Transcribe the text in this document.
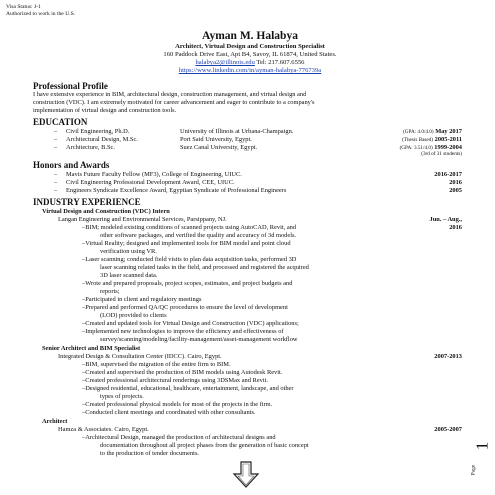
Visa Status: J-1
Authorized to work in the U.S.
Ayman M. Halabya
Architect, Virtual Design and Construction Specialist
160 Paddock Drive East, Apt B4, Savoy, IL 61874, United States.
halabya2@illinois.edu Tel: 217.607.6556
https://www.linkedin.com/in/ayman-halabya-776739a
Professional Profile
I have extensive experience in BIM, architectural design, construction management, and virtual design and
construction (VDC). I am extremely motivated for career advancement and eager to contribute to a company's
implementation of virtual design and construction tools.
EDUCATION
– Civil Engineering, Ph.D.	University of Illinois at Urbana-Champaign.	(GPA: 4.0/4.0) May 2017
– Architectural Design, M.Sc.	Port Said University, Egypt.	(Thesis Based) 2005-2011
– Architecture, B.Sc.	Suez Canal University, Egypt.	(GPA: 3.51/4.0) 1999-2004
(3rd of 31 students)
Honors and Awards
– Mavis Future Faculty Fellow (MF3), College of Engineering, UIUC.	2016-2017
– Civil Engineering Professional Development Award, CEE, UIUC.	2016
– Engineers Syndicate Excellence Award, Egyptian Syndicate of Professional Engineers	2005
INDUSTRY EXPERIENCE
Virtual Design and Construction (VDC) Intern
Langan Engineering and Environmental Services, Parsippany, NJ.	Jun. – Aug.,
2016
–BIM; modeled existing conditions of scanned projects using AutoCAD, Revit, and
other software packages, and verified the quality and accuracy of 3d models.
–Virtual Reality; designed and implemented tools for BIM model and point cloud
verification using VR.
–Laser scanning; conducted field visits to plan data acquisition tasks, performed 3D
laser scanning related tasks in the field, and processed and registered the acquired
3D laser scanned data.
–Wrote and prepared proposals, project scopes, estimates, and project budgets and
reports;
–Participated in client and regulatory meetings
–Prepared and performed QA/QC procedures to ensure the level of development
(LOD) provided to clients
–Created and updated tools for Virtual Design and Construction (VDC) applications;
–Implemented new technologies to improve the efficiency and effectiveness of
survey/scanning/modeling/facility-management/asset-management workflow
Senior Architect and BIM Specialist
Integrated Design & Consultation Center (IDCC). Cairo, Egypt.	2007-2013
–BIM, supervised the migration of the entire firm to BIM.
–Created and supervised the production of BIM models using Autodesk Revit.
–Created professional architectural renderings using 3DSMax and Revit.
–Designed residential, educational, healthcare, entertainment, landscape, and other
types of projects.
–Created professional physical models for most of the projects in the firm.
–Conducted client meetings and coordinated with other consultants.
Architect
Hamza & Associates. Cairo, Egypt.	2005-2007
–Architectural Design, managed the production of architectural designs and
documentation throughout all project phases from the generation of basic concept
to the production of tender documents.
Page
1
